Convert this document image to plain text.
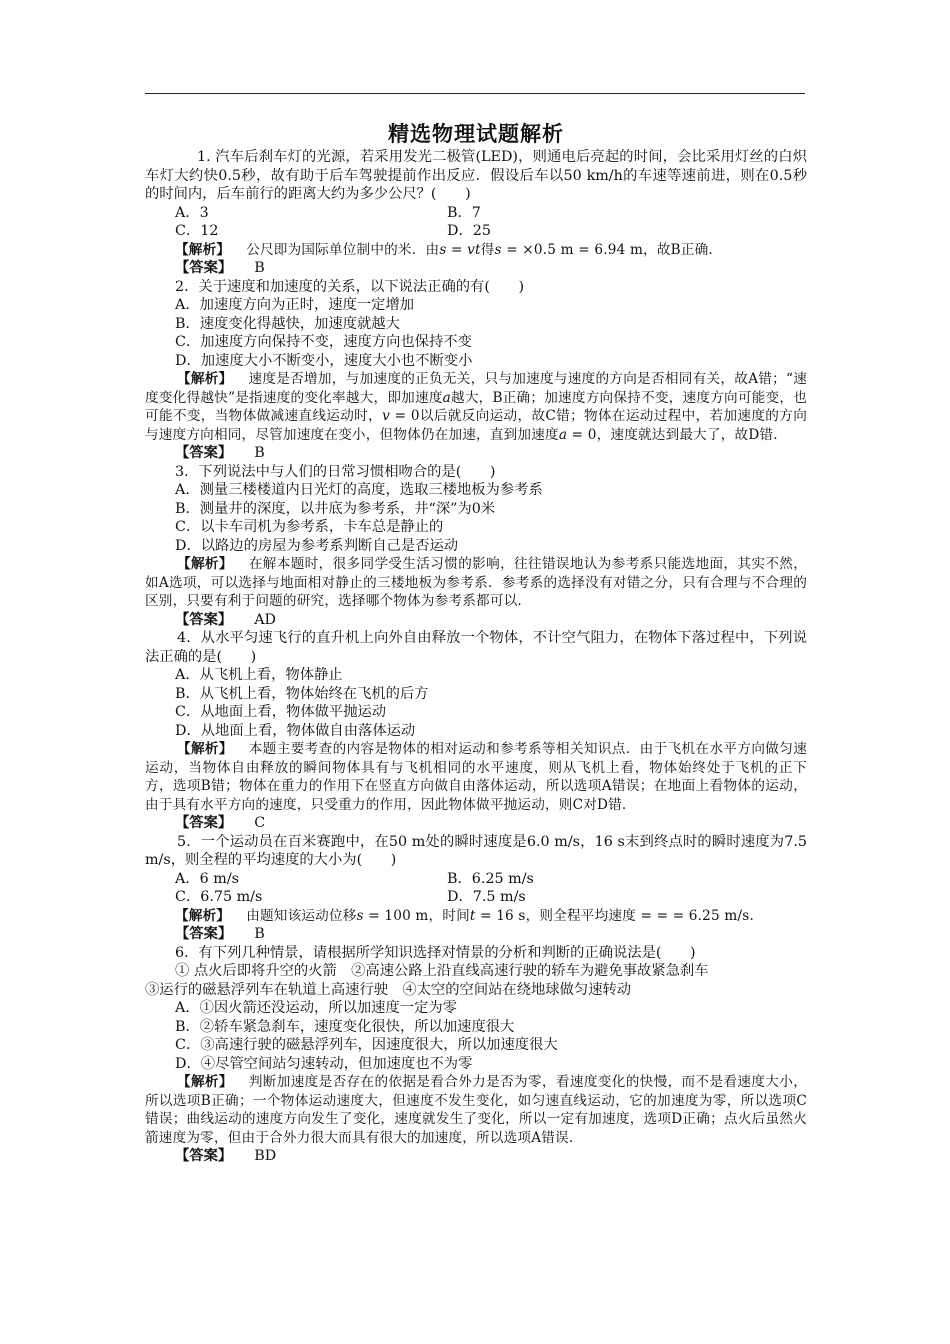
精选物理试题解析

1. 汽车后刹车灯的光源，若采用发光二极管(LED)，则通电后亮起的时间，会比采用灯丝的白炽车灯大约快0.5秒，故有助于后车驾驶提前作出反应．假设后车以50 km/h的车速等速前进，则在0.5秒的时间内，后车前行的距离大约为多少公尺？(　　)

A．3	B．7
C．12	D．25

【解析】 公尺即为国际单位制中的米．由s = vt得s = ×0.5 m = 6.94 m，故B正确.

【答案】 B

2．关于速度和加速度的关系，以下说法正确的有(　　)

A．加速度方向为正时，速度一定增加

B．速度变化得越快，加速度就越大

C．加速度方向保持不变，速度方向也保持不变

D．加速度大小不断变小，速度大小也不断变小

【解析】 速度是否增加，与加速度的正负无关，只与加速度与速度的方向是否相同有关，故A错；“速度变化得越快”是指速度的变化率越大，即加速度a越大，B正确；加速度方向保持不变，速度方向可能变，也可能不变，当物体做减速直线运动时，v = 0以后就反向运动，故C错；物体在运动过程中，若加速度的方向与速度方向相同，尽管加速度在变小，但物体仍在加速，直到加速度a = 0，速度就达到最大了，故D错.

【答案】 B

3．下列说法中与人们的日常习惯相吻合的是(　　)

A．测量三楼楼道内日光灯的高度，选取三楼地板为参考系

B．测量井的深度，以井底为参考系，井“深”为0米

C．以卡车司机为参考系，卡车总是静止的

D．以路边的房屋为参考系判断自己是否运动

【解析】 在解本题时，很多同学受生活习惯的影响，往往错误地认为参考系只能选地面，其实不然，如A选项，可以选择与地面相对静止的三楼地板为参考系．参考系的选择没有对错之分，只有合理与不合理的区别，只要有利于问题的研究，选择哪个物体为参考系都可以.

【答案】 AD

4．从水平匀速飞行的直升机上向外自由释放一个物体，不计空气阻力，在物体下落过程中，下列说法正确的是(　　)

A．从飞机上看，物体静止

B．从飞机上看，物体始终在飞机的后方

C．从地面上看，物体做平抛运动

D．从地面上看，物体做自由落体运动

【解析】 本题主要考查的内容是物体的相对运动和参考系等相关知识点．由于飞机在水平方向做匀速运动，当物体自由释放的瞬间物体具有与飞机相同的水平速度，则从飞机上看，物体始终处于飞机的正下方，选项B错；物体在重力的作用下在竖直方向做自由落体运动，所以选项A错误；在地面上看物体的运动，由于具有水平方向的速度，只受重力的作用，因此物体做平抛运动，则C对D错.

【答案】 C

5．一个运动员在百米赛跑中，在50 m处的瞬时速度是6.0 m/s，16 s末到终点时的瞬时速度为7.5 m/s，则全程的平均速度的大小为(　　)

A．6 m/s	B．6.25 m/s
C．6.75 m/s	D．7.5 m/s

【解析】 由题知该运动位移s = 100 m，时间t = 16 s，则全程平均速度 = = = 6.25 m/s.

【答案】 B

6．有下列几种情景，请根据所学知识选择对情景的分析和判断的正确说法是(　　)

① 点火后即将升空的火箭　②高速公路上沿直线高速行驶的轿车为避免事故紧急刹车

③运行的磁悬浮列车在轨道上高速行驶　④太空的空间站在绕地球做匀速转动

A．①因火箭还没运动，所以加速度一定为零

B．②轿车紧急刹车，速度变化很快，所以加速度很大

C．③高速行驶的磁悬浮列车，因速度很大，所以加速度很大

D．④尽管空间站匀速转动，但加速度也不为零

【解析】 判断加速度是否存在的依据是看合外力是否为零，看速度变化的快慢，而不是看速度大小，所以选项B正确；一个物体运动速度大，但速度不发生变化，如匀速直线运动，它的加速度为零，所以选项C错误；曲线运动的速度方向发生了变化，速度就发生了变化，所以一定有加速度，选项D正确；点火后虽然火箭速度为零，但由于合外力很大而具有很大的加速度，所以选项A错误.

【答案】 BD
